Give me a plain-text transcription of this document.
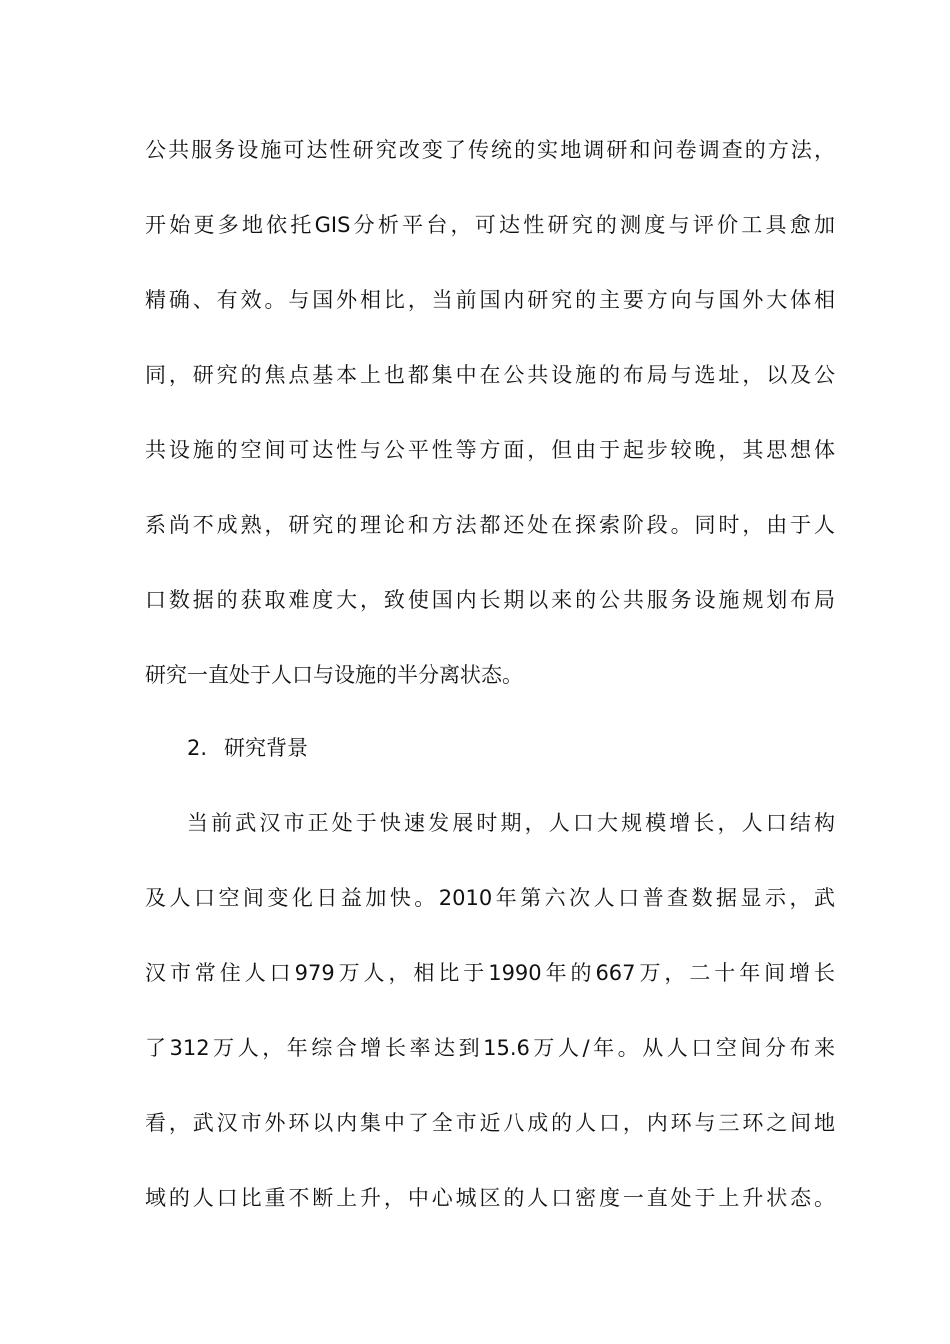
公共服务设施可达性研究改变了传统的实地调研和问卷调查的方法，
开始更多地依托GIS分析平台，可达性研究的测度与评价工具愈加
精确、有效。与国外相比，当前国内研究的主要方向与国外大体相
同，研究的焦点基本上也都集中在公共设施的布局与选址，以及公
共设施的空间可达性与公平性等方面，但由于起步较晚，其思想体
系尚不成熟，研究的理论和方法都还处在探索阶段。同时，由于人
口数据的获取难度大，致使国内长期以来的公共服务设施规划布局
研究一直处于人口与设施的半分离状态。
2. 研究背景
当前武汉市正处于快速发展时期，人口大规模增长，人口结构
及人口空间变化日益加快。2010年第六次人口普查数据显示，武
汉市常住人口979万人，相比于1990年的667万，二十年间增长
了312万人，年综合增长率达到15.6万人/年。从人口空间分布来
看，武汉市外环以内集中了全市近八成的人口，内环与三环之间地
域的人口比重不断上升，中心城区的人口密度一直处于上升状态。
